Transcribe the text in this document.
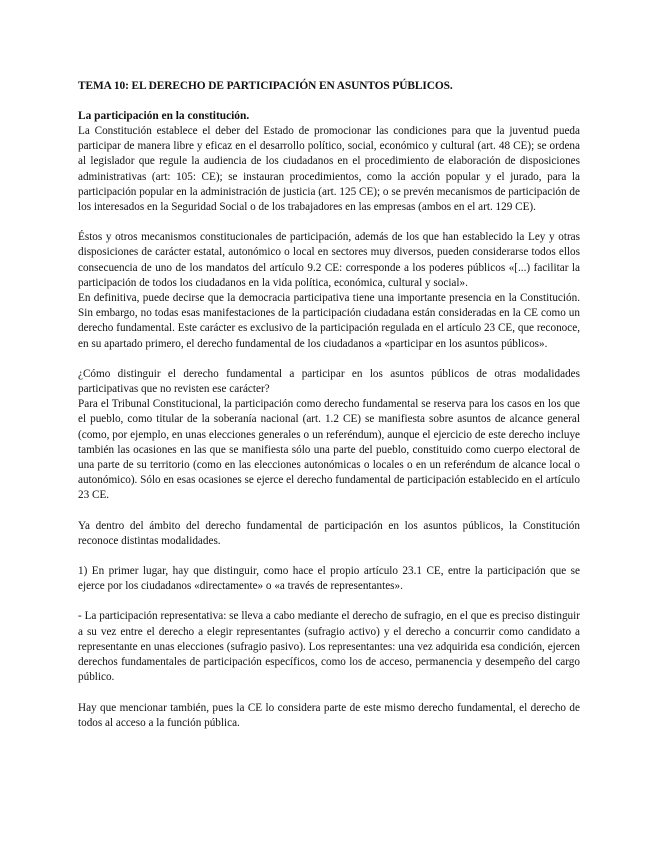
TEMA 10: EL DERECHO DE PARTICIPACIÓN EN ASUNTOS PÚBLICOS.
La participación en la constitución.

La Constitución establece el deber del Estado de promocionar las condiciones para que la juventud pueda participar de manera libre y eficaz en el desarrollo político, social, económico y cultural (art. 48 CE); se ordena al legislador que regule la audiencia de los ciudadanos en el procedimiento de elaboración de disposiciones administrativas (art: 105: CE); se instauran procedimientos, como la acción popular y el jurado, para la participación popular en la administración de justicia (art. 125 CE); o se prevén mecanismos de participación de los interesados en la Seguridad Social o de los trabajadores en las empresas (ambos en el art. 129 CE).

Éstos y otros mecanismos constitucionales de participación, además de los que han establecido la Ley y otras disposiciones de carácter estatal, autonómico o local en sectores muy diversos, pueden considerarse todos ellos consecuencia de uno de los mandatos del artículo 9.2 CE: corresponde a los poderes públicos «[...) facilitar la participación de todos los ciudadanos en la vida política, económica, cultural y social».

En definitiva, puede decirse que la democracia participativa tiene una importante presencia en la Constitución. Sin embargo, no todas esas manifestaciones de la participación ciudadana están consideradas en la CE como un derecho fundamental. Este carácter es exclusivo de la participación regulada en el artículo 23 CE, que reconoce, en su apartado primero, el derecho fundamental de los ciudadanos a «participar en los asuntos públicos».

¿Cómo distinguir el derecho fundamental a participar en los asuntos públicos de otras modalidades participativas que no revisten ese carácter?

Para el Tribunal Constitucional, la participación como derecho fundamental se reserva para los casos en los que el pueblo, como titular de la soberanía nacional (art. 1.2 CE) se manifiesta sobre asuntos de alcance general (como, por ejemplo, en unas elecciones generales o un referéndum), aunque el ejercicio de este derecho incluye también las ocasiones en las que se manifiesta sólo una parte del pueblo, constituido como cuerpo electoral de una parte de su territorio (como en las elecciones autonómicas o locales o en un referéndum de alcance local o autonómico). Sólo en esas ocasiones se ejerce el derecho fundamental de participación establecido en el artículo 23 CE.

Ya dentro del ámbito del derecho fundamental de participación en los asuntos públicos, la Constitución reconoce distintas modalidades.

1) En primer lugar, hay que distinguir, como hace el propio artículo 23.1 CE, entre la participación que se ejerce por los ciudadanos «directamente» o «a través de representantes».

- La participación representativa: se lleva a cabo mediante el derecho de sufragio, en el que es preciso distinguir a su vez entre el derecho a elegir representantes (sufragio activo) y el derecho a concurrir como candidato a representante en unas elecciones (sufragio pasivo). Los representantes: una vez adquirida esa condición, ejercen derechos fundamentales de participación específicos, como los de acceso, permanencia y desempeño del cargo público.

Hay que mencionar también, pues la CE lo considera parte de este mismo derecho fundamental, el derecho de todos al acceso a la función pública.
